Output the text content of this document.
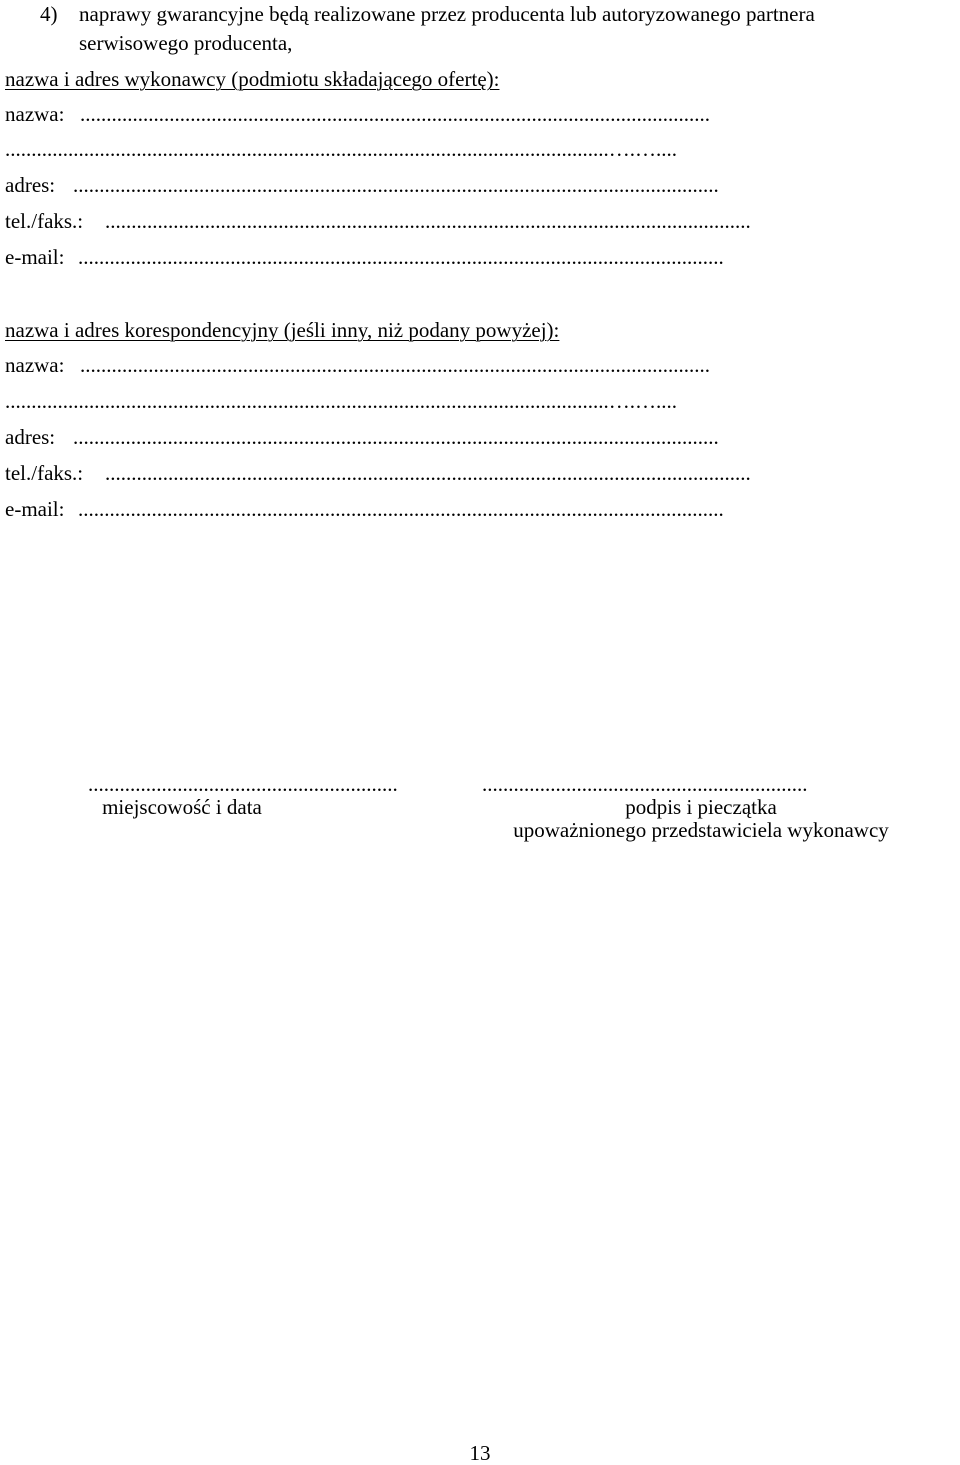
4) naprawy gwarancyjne będą realizowane przez producenta lub autoryzowanego partnera
serwisowego producenta,
nazwa i adres wykonawcy (podmiotu składającego ofertę):
nazwa: ........................................................................................................................
...................................................................................................................….…....
adres: ...........................................................................................................................
tel./faks.: ...........................................................................................................................
e-mail: ...........................................................................................................................
nazwa i adres korespondencyjny (jeśli inny, niż podany powyżej):
nazwa: ........................................................................................................................
...................................................................................................................….…....
adres: ...........................................................................................................................
tel./faks.: ...........................................................................................................................
e-mail: ...........................................................................................................................
...........................................................
miejscowość i data
..............................................................
podpis i pieczątka
upoważnionego przedstawiciela wykonawcy
13
